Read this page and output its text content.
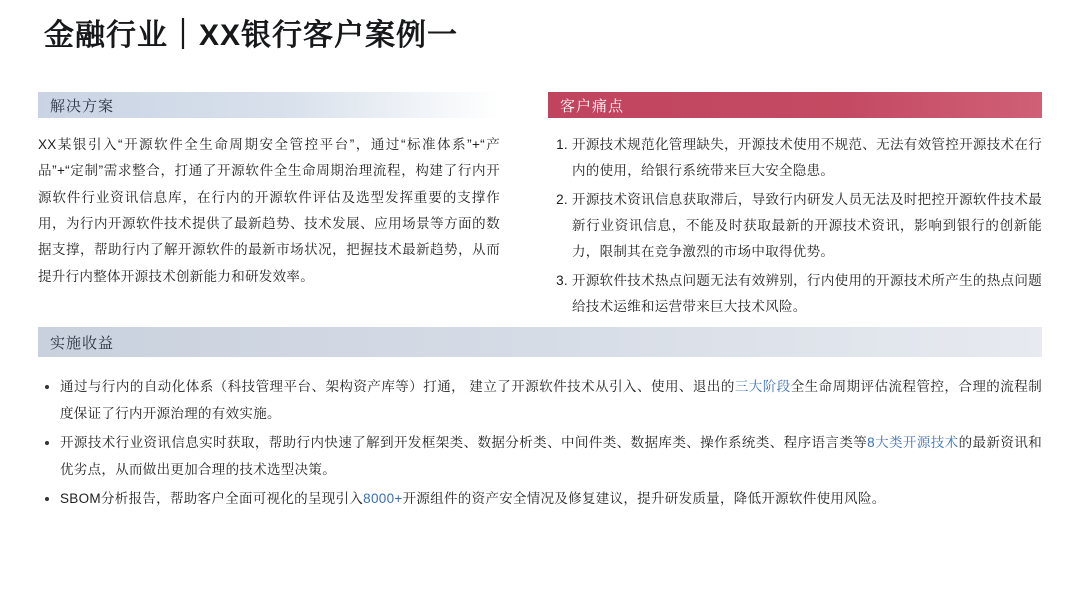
金融行业｜XX银行客户案例一
解决方案
XX某银引入“开源软件全生命周期安全管控平台”，通过“标准体系”+“产品”+“定制”需求整合，打通了开源软件全生命周期治理流程，构建了行内开源软件行业资讯信息库，在行内的开源软件评估及选型发挥重要的支撑作用，为行内开源软件技术提供了最新趋势、技术发展、应用场景等方面的数据支撑，帮助行内了解开源软件的最新市场状况，把握技术最新趋势，从而提升行内整体开源技术创新能力和研发效率。
客户痛点
1. 开源技术规范化管理缺失，开源技术使用不规范、无法有效管控开源技术在行内的使用，给银行系统带来巨大安全隐患。
2. 开源技术资讯信息获取滞后，导致行内研发人员无法及时把控开源软件技术最新行业资讯信息，不能及时获取最新的开源技术资讯，影响到银行的创新能力，限制其在竞争激烈的市场中取得优势。
3. 开源软件技术热点问题无法有效辨别，行内使用的开源技术所产生的热点问题给技术运维和运营带来巨大技术风险。
实施收益
• 通过与行内的自动化体系（科技管理平台、架构资产库等）打通， 建立了开源软件技术从引入、使用、退出的三大阶段全生命周期评估流程管控，合理的流程制度保证了行内开源治理的有效实施。
• 开源技术行业资讯信息实时获取，帮助行内快速了解到开发框架类、数据分析类、中间件类、数据库类、操作系统类、程序语言类等8大类开源技术的最新资讯和优劣点，从而做出更加合理的技术选型决策。
• SBOM分析报告，帮助客户全面可视化的呈现引入8000+开源组件的资产安全情况及修复建议，提升研发质量，降低开源软件使用风险。
